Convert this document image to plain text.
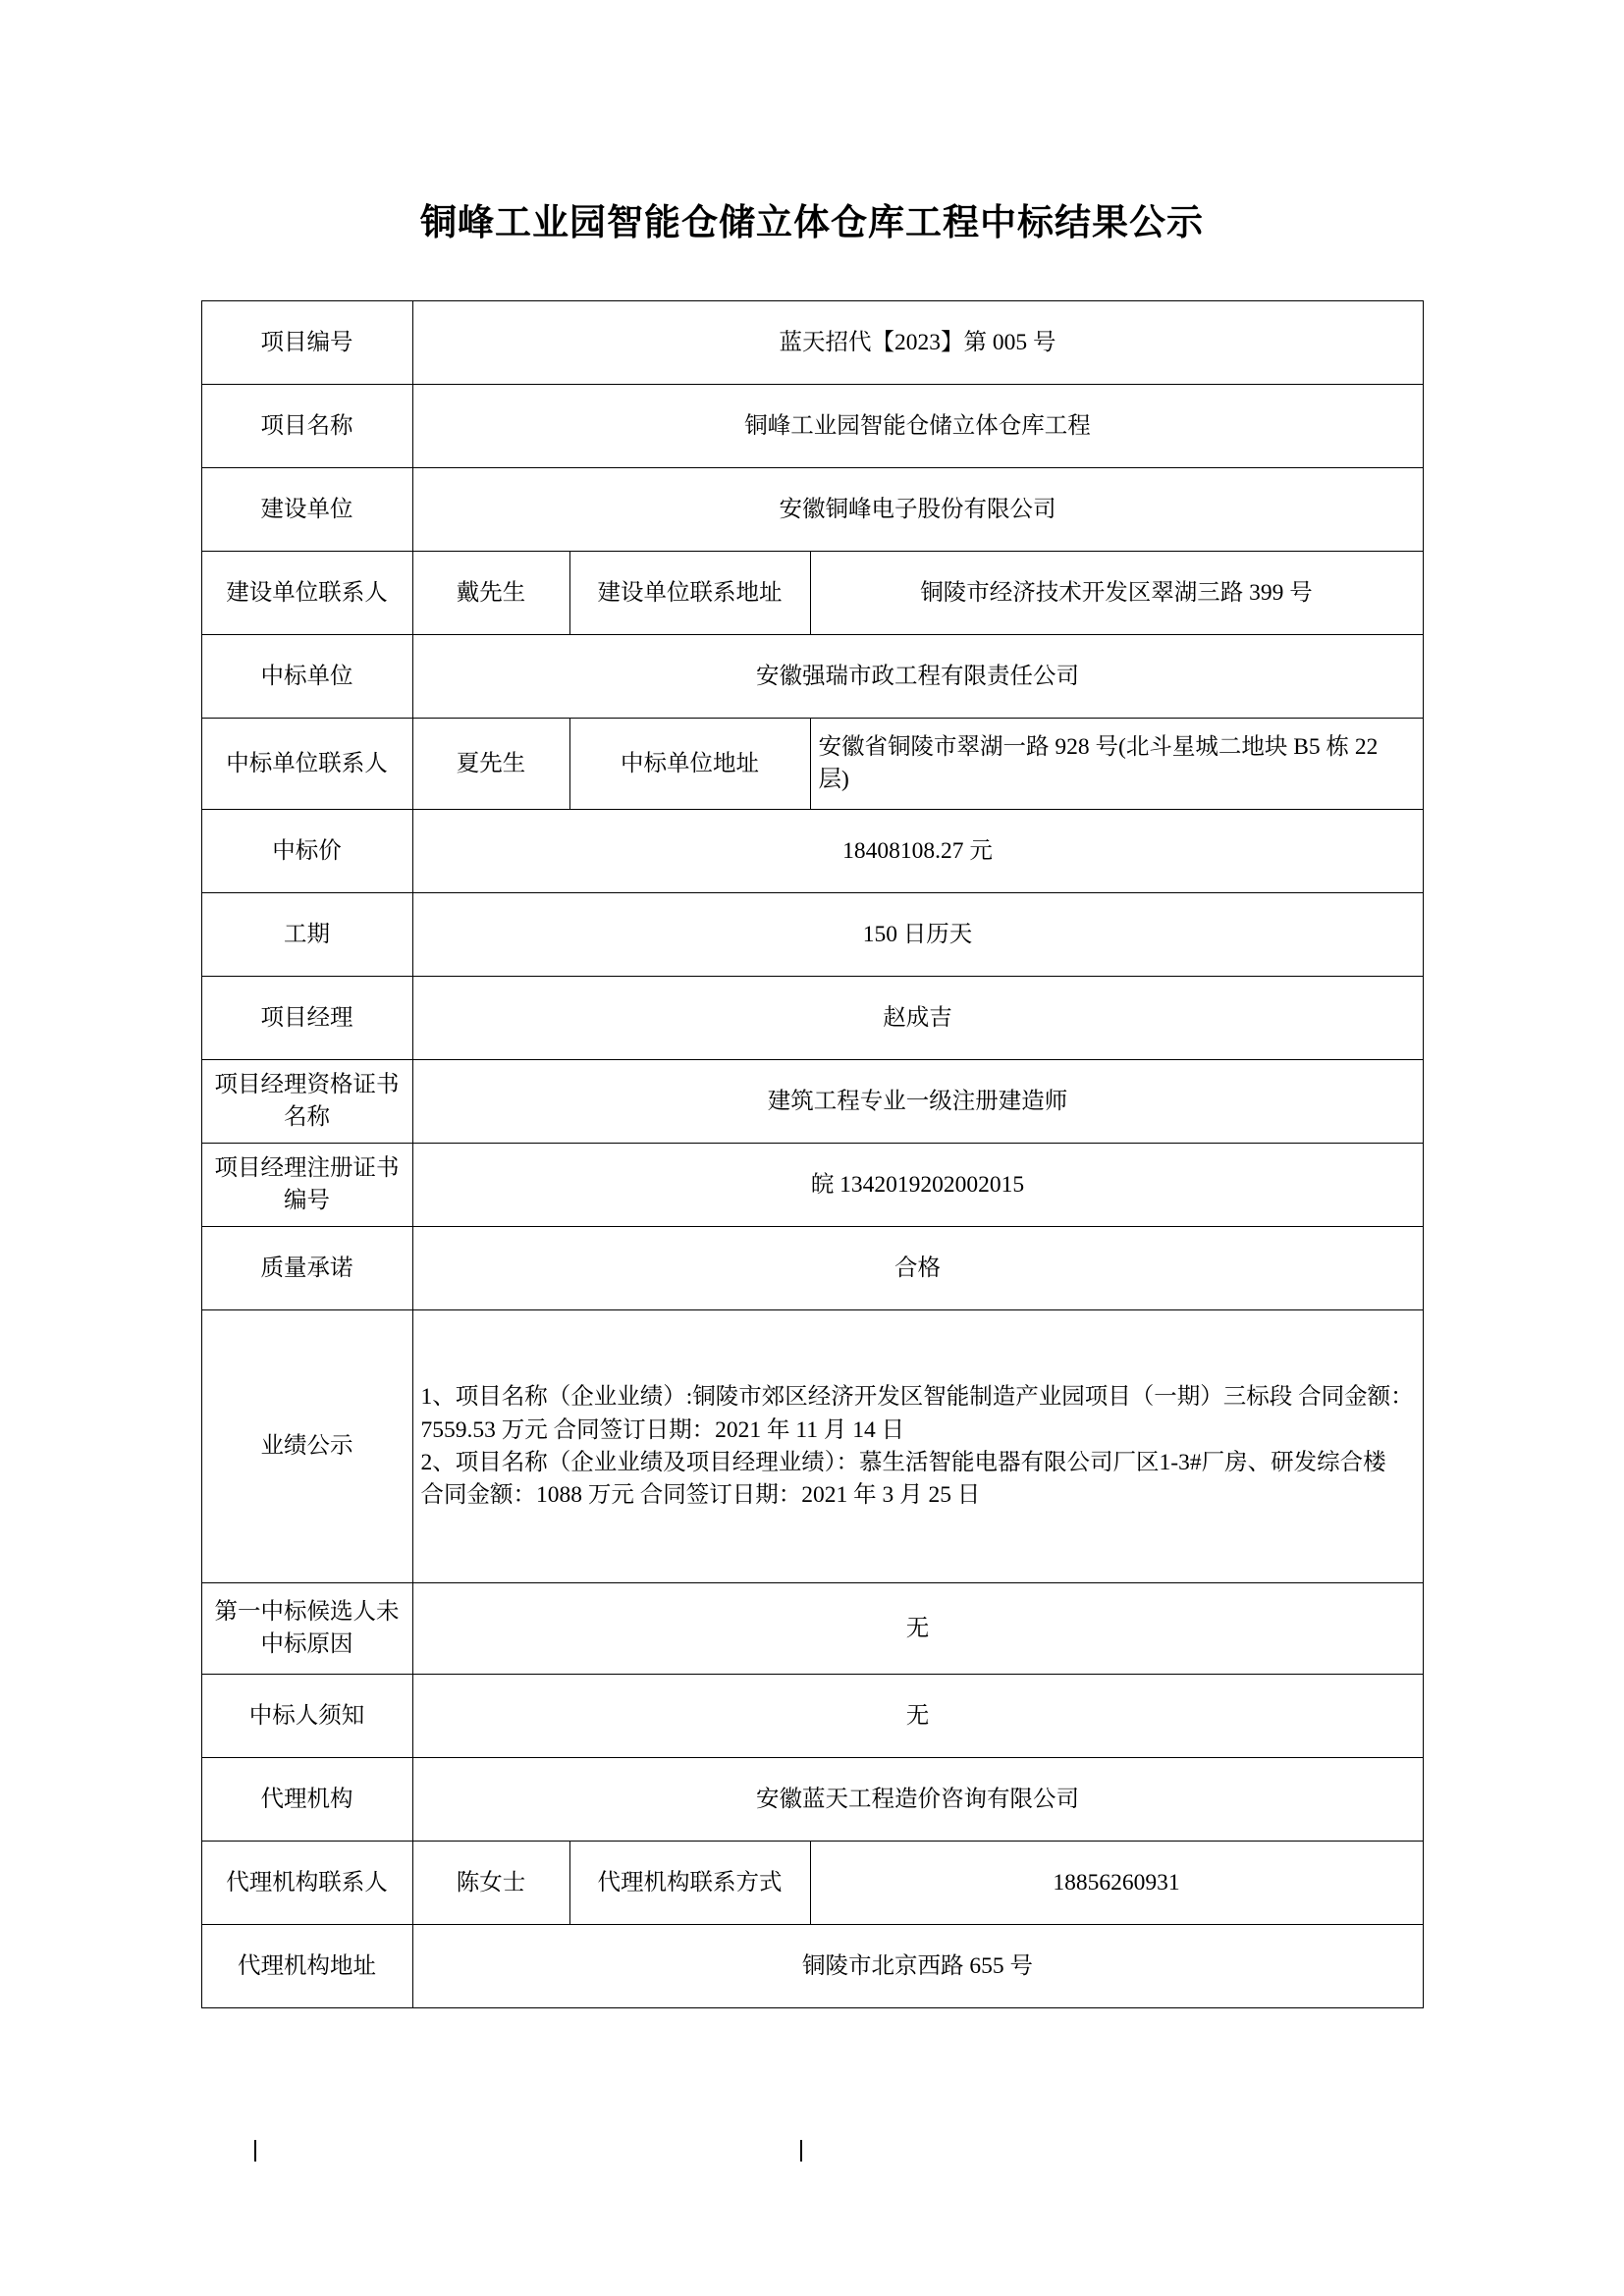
铜峰工业园智能仓储立体仓库工程中标结果公示
项目编号	蓝天招代【2023】第 005 号		
项目名称	铜峰工业园智能仓储立体仓库工程		
建设单位	安徽铜峰电子股份有限公司		
建设单位联系人	戴先生	建设单位联系地址	铜陵市经济技术开发区翠湖三路 399 号
中标单位	安徽强瑞市政工程有限责任公司		
中标单位联系人	夏先生	中标单位地址	安徽省铜陵市翠湖一路 928 号(北斗星城二地块 B5 栋 22 层)
中标价	18408108.27 元		
工期	150 日历天		
项目经理	赵成吉		
项目经理资格证书名称	建筑工程专业一级注册建造师		
项目经理注册证书编号	皖 1342019202002015		
质量承诺	合格		
业绩公示	1、项目名称（企业业绩）:铜陵市郊区经济开发区智能制造产业园项目（一期）三标段 合同金额：7559.53 万元 合同签订日期：2021 年 11 月 14 日

2、项目名称（企业业绩及项目经理业绩）：慕生活智能电器有限公司厂区1-3#厂房、研发综合楼 合同金额：1088 万元 合同签订日期：2021 年 3 月 25 日		

第一中标候选人未中标原因	无		
中标人须知	无		
代理机构	安徽蓝天工程造价咨询有限公司		
代理机构联系人	陈女士	代理机构联系方式	18856260931
代理机构地址	铜陵市北京西路 655 号		
